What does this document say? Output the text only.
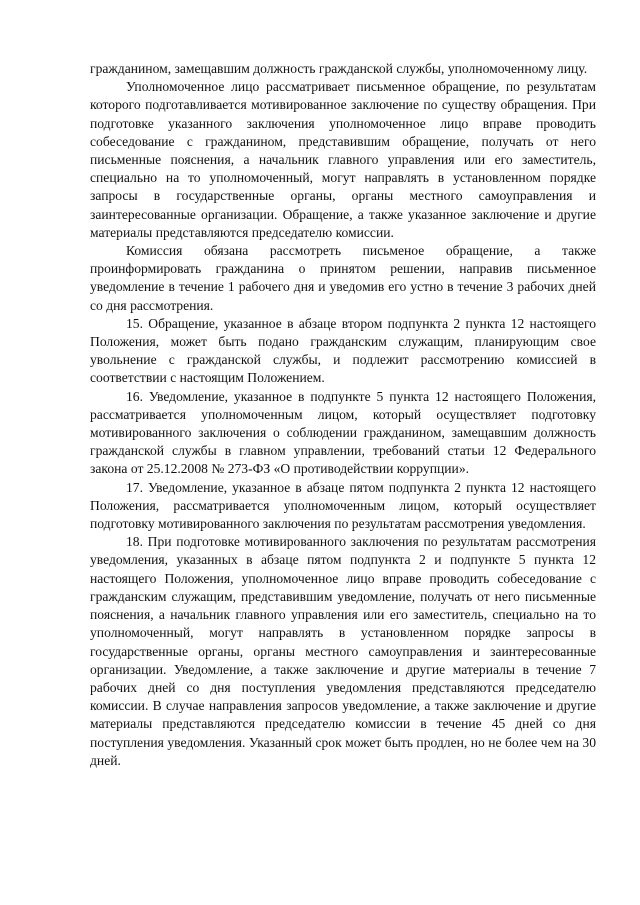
гражданином, замещавшим должность гражданской службы, уполномоченному лицу.

Уполномоченное лицо рассматривает письменное обращение, по результатам которого подготавливается мотивированное заключение по существу обращения. При подготовке указанного заключения уполномоченное лицо вправе проводить собеседование с гражданином, представившим обращение, получать от него письменные пояснения, а начальник главного управления или его заместитель, специально на то уполномоченный, могут направлять в установленном порядке запросы в государственные органы, органы местного самоуправления и заинтересованные организации. Обращение, а также указанное заключение и другие материалы представляются председателю комиссии.

Комиссия обязана рассмотреть письменое обращение, а также проинформировать гражданина о принятом решении, направив письменное уведомление в течение 1 рабочего дня и уведомив его устно в течение 3 рабочих дней со дня рассмотрения.

15. Обращение, указанное в абзаце втором подпункта 2 пункта 12 настоящего Положения, может быть подано гражданским служащим, планирующим свое увольнение с гражданской службы, и подлежит рассмотрению комиссией в соответствии с настоящим Положением.

16. Уведомление, указанное в подпункте 5 пункта 12 настоящего Положения, рассматривается уполномоченным лицом, который осуществляет подготовку мотивированного заключения о соблюдении гражданином, замещавшим должность гражданской службы в главном управлении, требований статьи 12 Федерального закона от 25.12.2008 № 273-ФЗ «О противодействии коррупции».

17. Уведомление, указанное в абзаце пятом подпункта 2 пункта 12 настоящего Положения, рассматривается уполномоченным лицом, который осуществляет подготовку мотивированного заключения по результатам рассмотрения уведомления.

18. При подготовке мотивированного заключения по результатам рассмотрения уведомления, указанных в абзаце пятом подпункта 2 и подпункте 5 пункта 12 настоящего Положения, уполномоченное лицо вправе проводить собеседование с гражданским служащим, представившим уведомление, получать от него письменные пояснения, а начальник главного управления или его заместитель, специально на то уполномоченный, могут направлять в установленном порядке запросы в государственные органы, органы местного самоуправления и заинтересованные организации. Уведомление, а также заключение и другие материалы в течение 7 рабочих дней со дня поступления уведомления представляются председателю комиссии. В случае направления запросов уведомление, а также заключение и другие материалы представляются председателю комиссии в течение 45 дней со дня поступления уведомления. Указанный срок может быть продлен, но не более чем на 30 дней.
